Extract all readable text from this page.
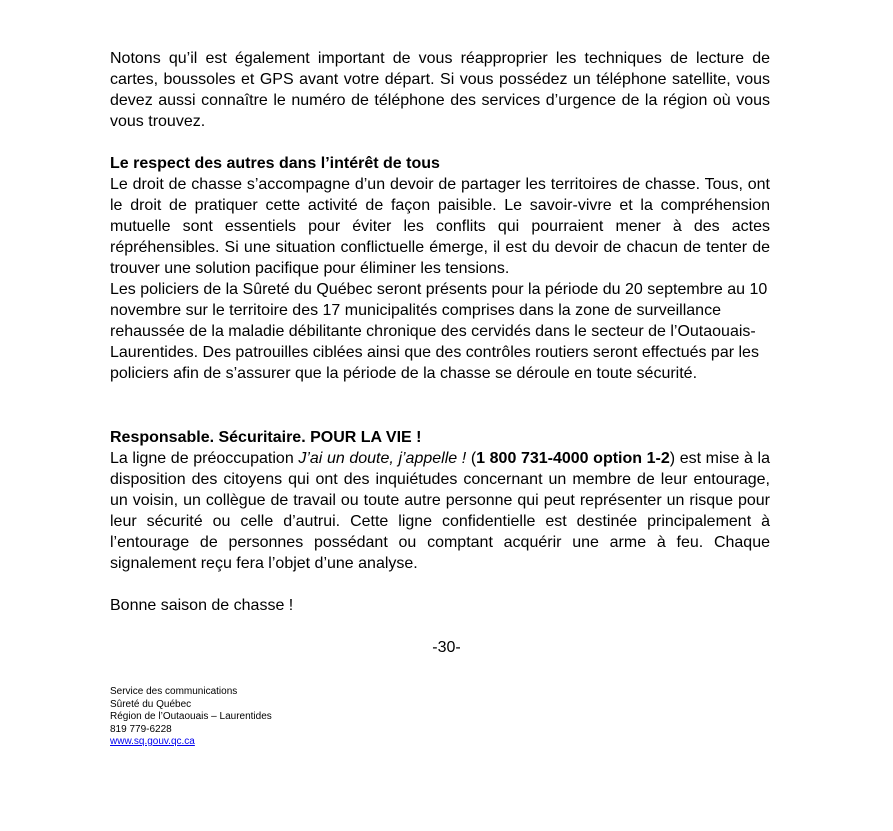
Notons qu’il est également important de vous réapproprier les techniques de lecture de cartes, boussoles et GPS avant votre départ. Si vous possédez un téléphone satellite, vous devez aussi connaître le numéro de téléphone des services d’urgence de la région où vous vous trouvez.

Le respect des autres dans l’intérêt de tous

Le droit de chasse s’accompagne d’un devoir de partager les territoires de chasse. Tous, ont le droit de pratiquer cette activité de façon paisible. Le savoir-vivre et la compréhension mutuelle sont essentiels pour éviter les conflits qui pourraient mener à des actes répréhensibles. Si une situation conflictuelle émerge, il est du devoir de chacun de tenter de trouver une solution pacifique pour éliminer les tensions.

Les policiers de la Sûreté du Québec seront présents pour la période du 20 septembre au 10 novembre sur le territoire des 17 municipalités comprises dans la zone de surveillance rehaussée de la maladie débilitante chronique des cervidés dans le secteur de l’Outaouais-Laurentides. Des patrouilles ciblées ainsi que des contrôles routiers seront effectués par les policiers afin de s’assurer que la période de la chasse se déroule en toute sécurité.

Responsable. Sécuritaire. POUR LA VIE !

La ligne de préoccupation J’ai un doute, j’appelle ! (1 800 731-4000 option 1-2) est mise à la disposition des citoyens qui ont des inquiétudes concernant un membre de leur entourage, un voisin, un collègue de travail ou toute autre personne qui peut représenter un risque pour leur sécurité ou celle d’autrui. Cette ligne confidentielle est destinée principalement à l’entourage de personnes possédant ou comptant acquérir une arme à feu. Chaque signalement reçu fera l’objet d’une analyse.

Bonne saison de chasse !

-30-
Service des communications
Sûreté du Québec
Région de l’Outaouais – Laurentides
819 779-6228
www.sq.gouv.qc.ca
